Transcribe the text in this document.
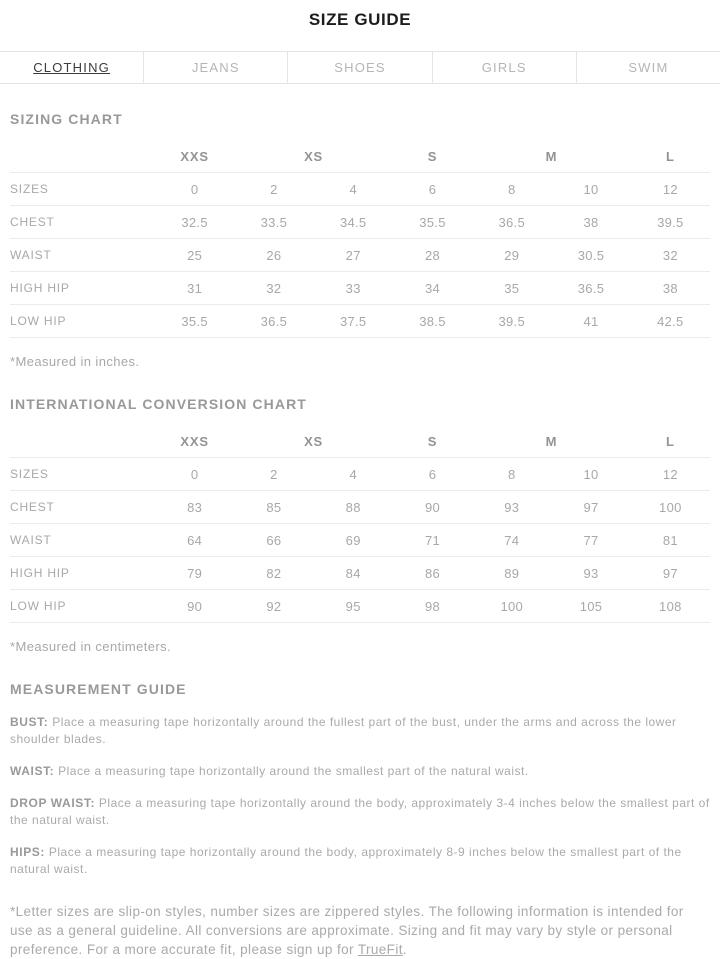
SIZE GUIDE
CLOTHING	JEANS	SHOES	GIRLS	SWIM
SIZING CHART
	XXS	XS		S	M		L
SIZES	0	2	4	6	8	10	12
CHEST	32.5	33.5	34.5	35.5	36.5	38	39.5
WAIST	25	26	27	28	29	30.5	32
HIGH HIP	31	32	33	34	35	36.5	38
LOW HIP	35.5	36.5	37.5	38.5	39.5	41	42.5

*Measured in inches.

INTERNATIONAL CONVERSION CHART
	XXS	XS		S	M		L
SIZES	0	2	4	6	8	10	12
CHEST	83	85	88	90	93	97	100
WAIST	64	66	69	71	74	77	81
HIGH HIP	79	82	84	86	89	93	97
LOW HIP	90	92	95	98	100	105	108

*Measured in centimeters.

MEASUREMENT GUIDE

BUST: Place a measuring tape horizontally around the fullest part of the bust, under the arms and across the lower shoulder blades.

WAIST: Place a measuring tape horizontally around the smallest part of the natural waist.

DROP WAIST: Place a measuring tape horizontally around the body, approximately 3-4 inches below the smallest part of the natural waist.

HIPS: Place a measuring tape horizontally around the body, approximately 8-9 inches below the smallest part of the natural waist.

*Letter sizes are slip-on styles, number sizes are zippered styles. The following information is intended for use as a general guideline. All conversions are approximate. Sizing and fit may vary by style or personal preference. For a more accurate fit, please sign up for TrueFit.
